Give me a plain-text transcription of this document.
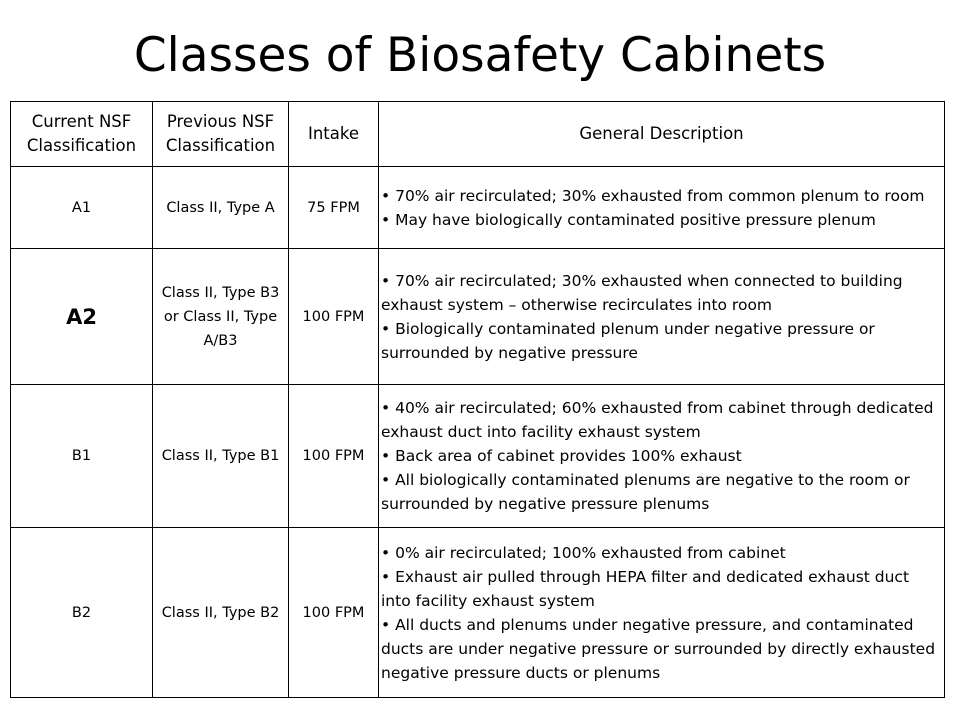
Classes of Biosafety Cabinets
Current NSF Classification	Previous NSF Classification	Intake	General Description
A1	Class II, Type A	75 FPM	• 70% air recirculated; 30% exhausted from common plenum to room
• May have biologically contaminated positive pressure plenum

A2	Class II, Type B3 or Class II, Type A/B3	100 FPM	• 70% air recirculated; 30% exhausted when connected to building exhaust system – otherwise recirculates into room
• Biologically contaminated plenum under negative pressure or surrounded by negative pressure

B1	Class II, Type B1	100 FPM	• 40% air recirculated; 60% exhausted from cabinet through dedicated exhaust duct into facility exhaust system
• Back area of cabinet provides 100% exhaust
• All biologically contaminated plenums are negative to the room or surrounded by negative pressure plenums

B2	Class II, Type B2	100 FPM	• 0% air recirculated; 100% exhausted from cabinet
• Exhaust air pulled through HEPA filter and dedicated exhaust duct into facility exhaust system
• All ducts and plenums under negative pressure, and contaminated ducts are under negative pressure or surrounded by directly exhausted negative pressure ducts or plenums
